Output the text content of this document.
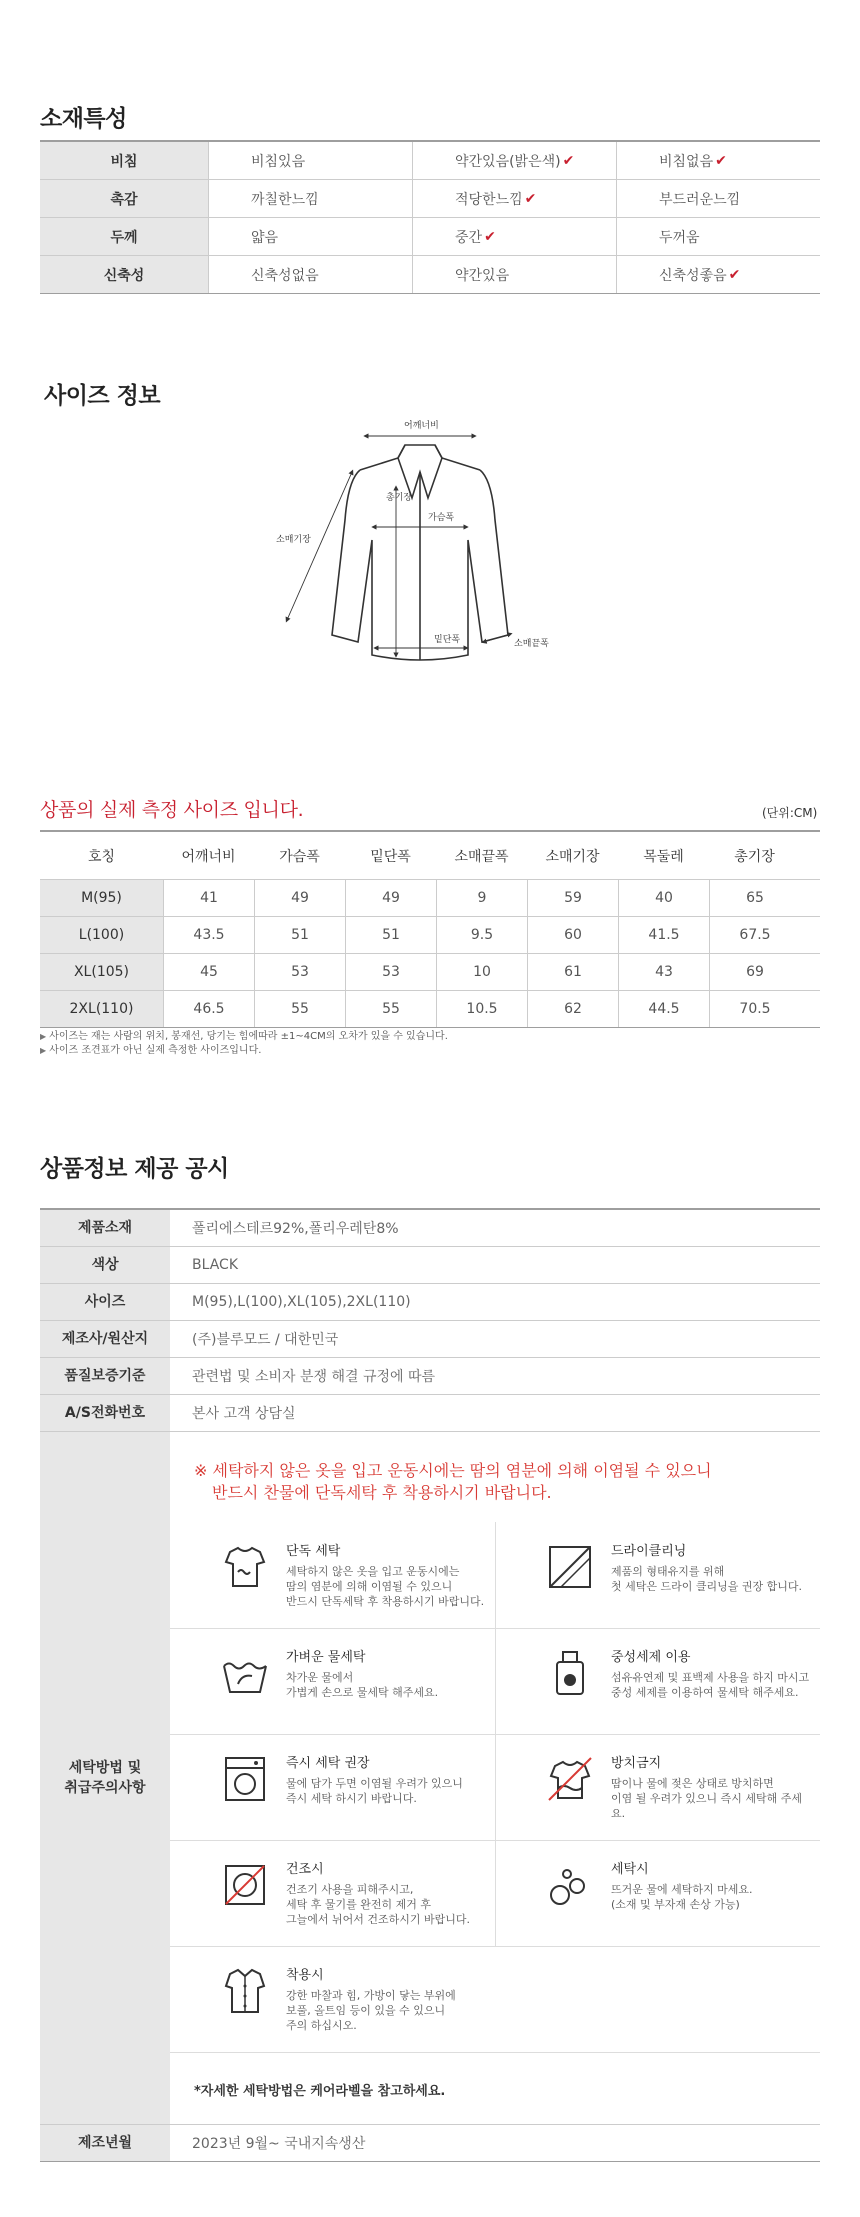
소재특성
비침	비침있음	약간있음(밝은색) ✔	비침없음 ✔
촉감	까칠한느낌	적당한느낌 ✔	부드러운느낌
두께	얇음	중간 ✔	두꺼움
신축성	신축성없음	약간있음	신축성좋음 ✔
사이즈 정보
어깨너비
소매기장
총기장
가슴폭
밑단폭	소매끝폭
상품의 실제 측정 사이즈 입니다.	(단위:CM)
호칭	어깨너비	가슴폭	밑단폭	소매끝폭	소매기장	목둘레	총기장
M(95)	41	49	49	9	59	40	65
L(100)	43.5	51	51	9.5	60	41.5	67.5
XL(105)	45	53	53	10	61	43	69
2XL(110)	46.5	55	55	10.5	62	44.5	70.5
▶ 사이즈는 재는 사람의 위치, 봉재선, 당기는 힘에따라 ±1~4CM의 오차가 있을 수 있습니다.
▶ 사이즈 조견표가 아닌 실제 측정한 사이즈입니다.
상품정보 제공 공시
제품소재	폴리에스테르92%,폴리우레탄8%
색상	BLACK
사이즈	M(95),L(100),XL(105),2XL(110)
제조사/원산지	(주)블루모드 / 대한민국
품질보증기준	관련법 및 소비자 분쟁 해결 규정에 따름
A/S전화번호	본사 고객 상담실
세탁방법 및
취급주의사항
※ 세탁하지 않은 옷을 입고 운동시에는 땀의 염분에 의해 이염될 수 있으니
반드시 찬물에 단독세탁 후 착용하시기 바랍니다.
단독 세탁
세탁하지 않은 옷을 입고 운동시에는
땀의 염분에 의해 이염될 수 있으니
반드시 단독세탁 후 착용하시기 바랍니다.
드라이클리닝
제품의 형태유지를 위해
첫 세탁은 드라이 클리닝을 권장 합니다.
가벼운 물세탁
차가운 물에서
가볍게 손으로 물세탁 해주세요.
중성세제 이용
섬유유연제 및 표백제 사용을 하지 마시고
중성 세제를 이용하여 물세탁 해주세요.
즉시 세탁 권장
물에 담가 두면 이염될 우려가 있으니
즉시 세탁 하시기 바랍니다.
방치금지
땀이나 물에 젖은 상태로 방치하면
이염 될 우려가 있으니 즉시 세탁해 주세요.
건조시
건조기 사용을 피해주시고,
세탁 후 물기를 완전히 제거 후
그늘에서 뉘어서 건조하시기 바랍니다.
세탁시
뜨거운 물에 세탁하지 마세요.
(소재 및 부자재 손상 가능)
착용시
강한 마찰과 힘, 가방이 닿는 부위에
보풀, 올트임 등이 있을 수 있으니
주의 하십시오.
*자세한 세탁방법은 케어라벨을 참고하세요.
제조년월	2023년 9월~ 국내지속생산
